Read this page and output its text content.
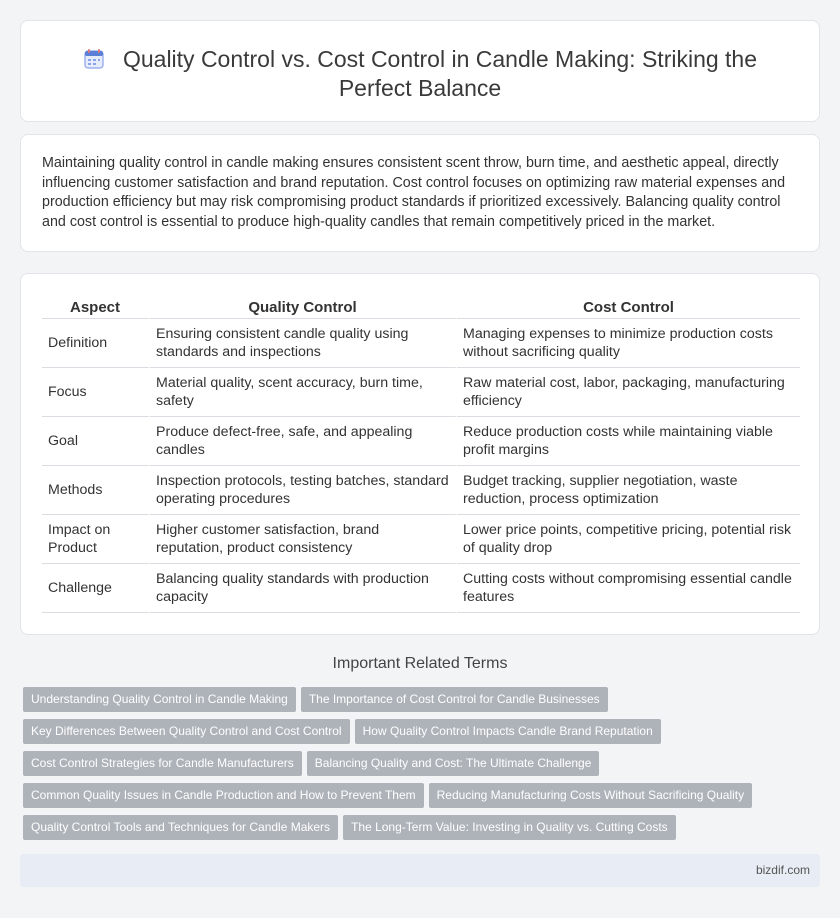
Quality Control vs. Cost Control in Candle Making: Striking the Perfect Balance

Maintaining quality control in candle making ensures consistent scent throw, burn time, and aesthetic appeal, directly influencing customer satisfaction and brand reputation. Cost control focuses on optimizing raw material expenses and production efficiency but may risk compromising product standards if prioritized excessively. Balancing quality control and cost control is essential to produce high-quality candles that remain competitively priced in the market.

Aspect	Quality Control	Cost Control
Definition	Ensuring consistent candle quality using standards and inspections	Managing expenses to minimize production costs without sacrificing quality
Focus	Material quality, scent accuracy, burn time, safety	Raw material cost, labor, packaging, manufacturing efficiency
Goal	Produce defect-free, safe, and appealing candles	Reduce production costs while maintaining viable profit margins
Methods	Inspection protocols, testing batches, standard operating procedures	Budget tracking, supplier negotiation, waste reduction, process optimization
Impact on Product	Higher customer satisfaction, brand reputation, product consistency	Lower price points, competitive pricing, potential risk of quality drop
Challenge	Balancing quality standards with production capacity	Cutting costs without compromising essential candle features
Important Related Terms
Understanding Quality Control in Candle Making The Importance of Cost Control for Candle Businesses
Key Differences Between Quality Control and Cost Control How Quality Control Impacts Candle Brand Reputation
Cost Control Strategies for Candle Manufacturers Balancing Quality and Cost: The Ultimate Challenge
Common Quality Issues in Candle Production and How to Prevent Them Reducing Manufacturing Costs Without Sacrificing Quality
Quality Control Tools and Techniques for Candle Makers The Long-Term Value: Investing in Quality vs. Cutting Costs
bizdif.com
